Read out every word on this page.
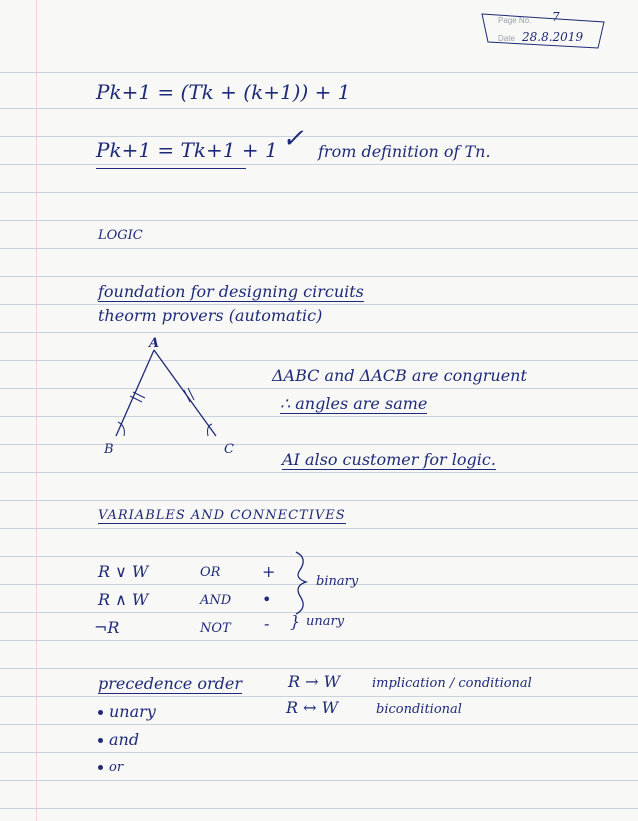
Page No. 7
Date 28.8.2019
Pk+1 = (Tk + (k+1)) + 1
Pk+1 = Tk+1 + 1 ✓ from definition of Tn.
LOGIC
foundation for designing circuits
theorm provers (automatic)
A
B	C
ΔABC and ΔACB are congruent
∴ angles are same
AI also customer for logic.
VARIABLES AND CONNECTIVES
R ∨ W	OR	+
R ∧ W	AND •
¬R	NOT -
binary
} unary
precedence order
unary
and
or
R → W implication / conditional
R ↔ W	biconditional
